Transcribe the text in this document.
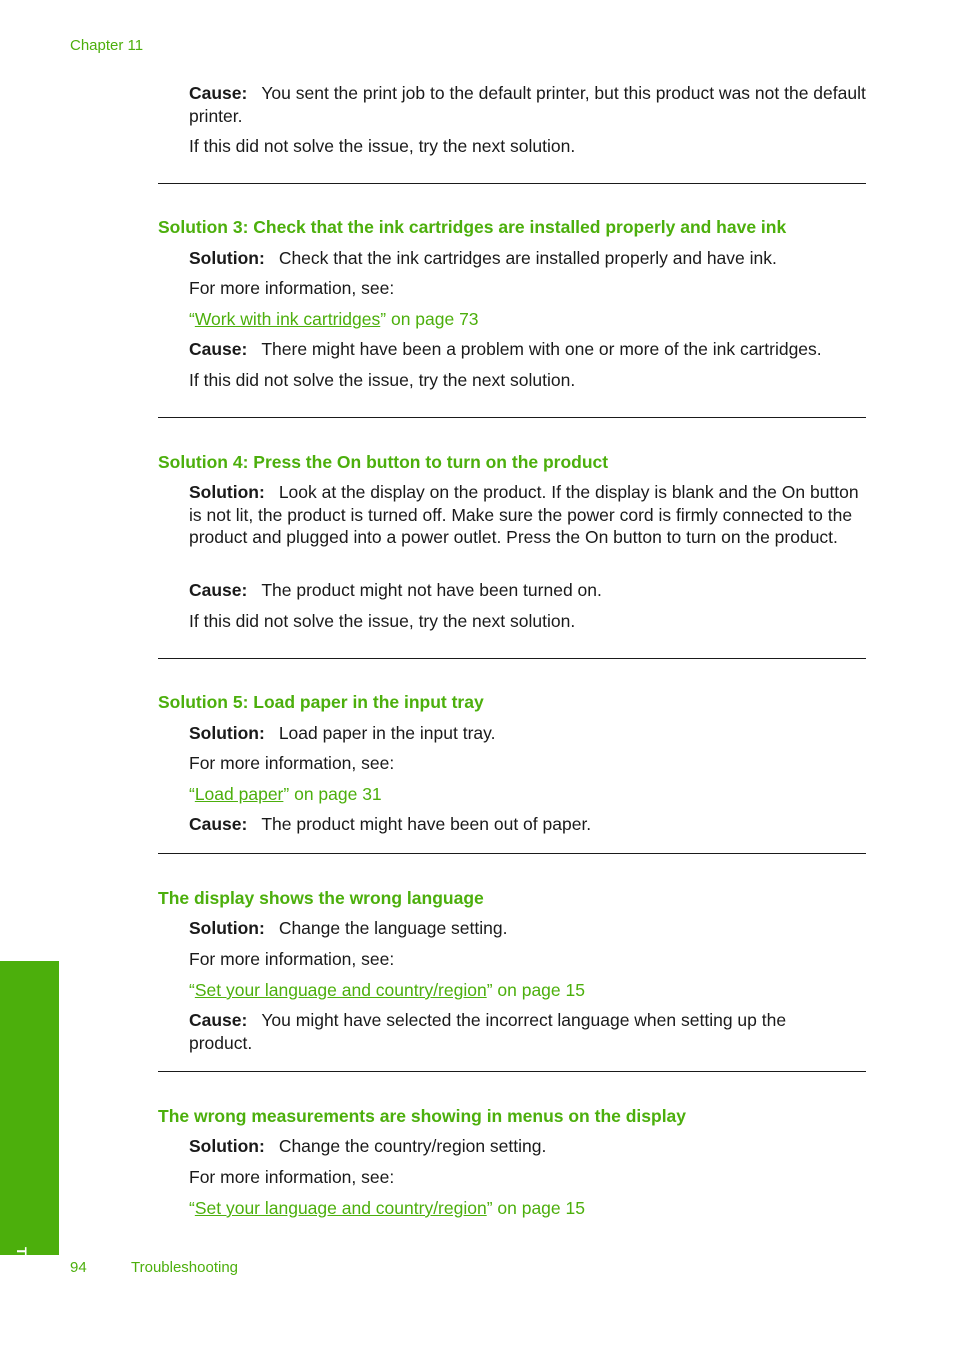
Chapter 11
Cause: You sent the print job to the default printer, but this product was not the default printer.
If this did not solve the issue, try the next solution.
Solution 3: Check that the ink cartridges are installed properly and have ink
Solution: Check that the ink cartridges are installed properly and have ink.
For more information, see:
“Work with ink cartridges” on page 73
Cause: There might have been a problem with one or more of the ink cartridges.
If this did not solve the issue, try the next solution.
Solution 4: Press the On button to turn on the product
Solution: Look at the display on the product. If the display is blank and the On button is not lit, the product is turned off. Make sure the power cord is firmly connected to the product and plugged into a power outlet. Press the On button to turn on the product.
Cause: The product might not have been turned on.
If this did not solve the issue, try the next solution.
Solution 5: Load paper in the input tray
Solution: Load paper in the input tray.
For more information, see:
“Load paper” on page 31
Cause: The product might have been out of paper.
The display shows the wrong language
Solution: Change the language setting.
For more information, see:
“Set your language and country/region” on page 15
Cause: You might have selected the incorrect language when setting up the product.
The wrong measurements are showing in menus on the display
Solution: Change the country/region setting.
For more information, see:
“Set your language and country/region” on page 15
Troubleshooting	94	Troubleshooting
